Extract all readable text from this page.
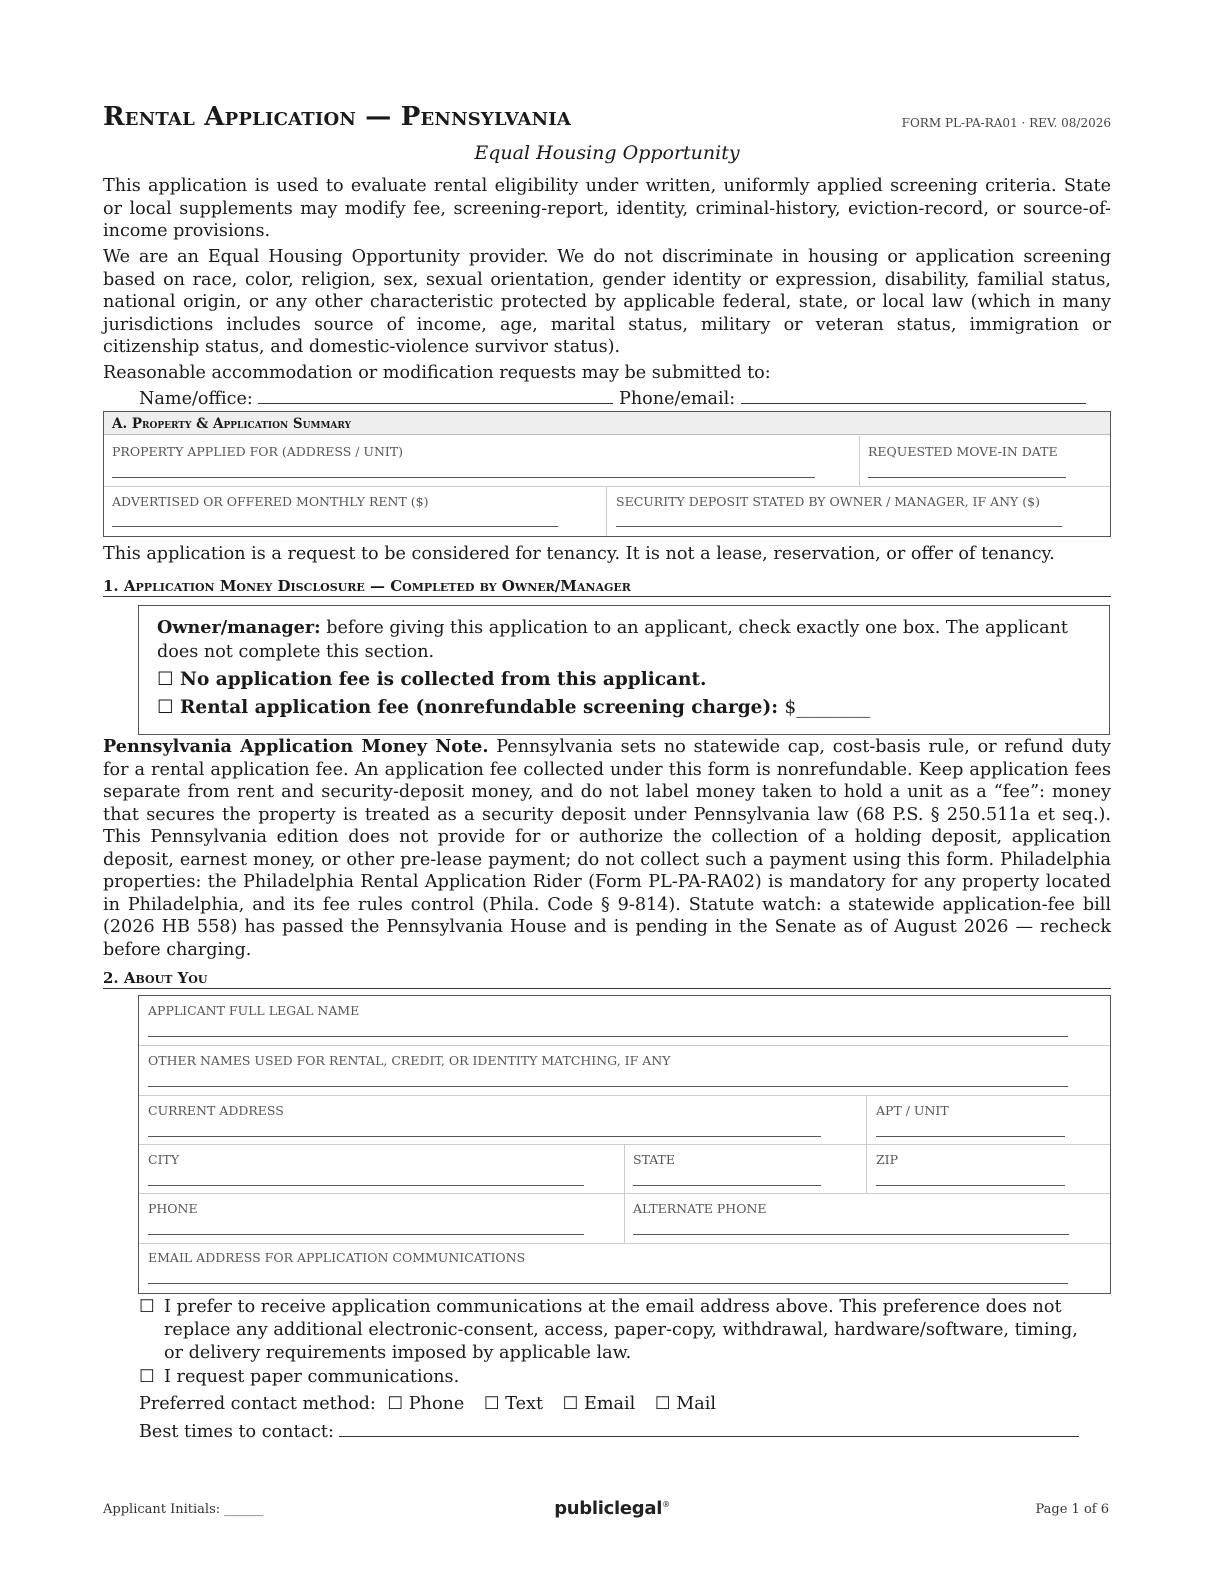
Rental Application — Pennsylvania	FORM PL-PA-RA01 · REV. 08/2026
Equal Housing Opportunity
This application is used to evaluate rental eligibility under written, uniformly applied screening criteria. State or local supplements may modify fee, screening-report, identity, criminal-history, eviction-record, or source-of-income provisions.
We are an Equal Housing Opportunity provider. We do not discriminate in housing or application screening based on race, color, religion, sex, sexual orientation, gender identity or expression, disability, familial status, national origin, or any other characteristic protected by applicable federal, state, or local law (which in many jurisdictions includes source of income, age, marital status, military or veteran status, immigration or citizenship status, and domestic-violence survivor status).
Reasonable accommodation or modification requests may be submitted to:
Name/office:	Phone/email:
A. Property & Application Summary
PROPERTY APPLIED FOR (ADDRESS / UNIT)	REQUESTED MOVE-IN DATE
ADVERTISED OR OFFERED MONTHLY RENT ($)	SECURITY DEPOSIT STATED BY OWNER / MANAGER, IF ANY ($)
This application is a request to be considered for tenancy. It is not a lease, reservation, or offer of tenancy.
1. Application Money Disclosure — Completed by Owner/Manager
Owner/manager: before giving this application to an applicant, check exactly one box. The applicant does not complete this section.
☐ No application fee is collected from this applicant.
☐ Rental application fee (nonrefundable screening charge): $________
Pennsylvania Application Money Note. Pennsylvania sets no statewide cap, cost-basis rule, or refund duty for a rental application fee. An application fee collected under this form is nonrefundable. Keep application fees separate from rent and security-deposit money, and do not label money taken to hold a unit as a “fee”: money that secures the property is treated as a security deposit under Pennsylvania law (68 P.S. § 250.511a et seq.). This Pennsylvania edition does not provide for or authorize the collection of a holding deposit, application deposit, earnest money, or other pre-lease payment; do not collect such a payment using this form. Philadelphia properties: the Philadelphia Rental Application Rider (Form PL-PA-RA02) is mandatory for any property located in Philadelphia, and its fee rules control (Phila. Code § 9-814). Statute watch: a statewide application-fee bill (2026 HB 558) has passed the Pennsylvania House and is pending in the Senate as of August 2026 — recheck before charging.
2. About You
APPLICANT FULL LEGAL NAME
OTHER NAMES USED FOR RENTAL, CREDIT, OR IDENTITY MATCHING, IF ANY
CURRENT ADDRESS	APT / UNIT
CITY	STATE	ZIP
PHONE	ALTERNATE PHONE
EMAIL ADDRESS FOR APPLICATION COMMUNICATIONS
☐ I prefer to receive application communications at the email address above. This preference does not replace any additional electronic-consent, access, paper-copy, withdrawal, hardware/software, timing, or delivery requirements imposed by applicable law.
☐ I request paper communications.
Preferred contact method: ☐ Phone ☐ Text ☐ Email ☐ Mail
Best times to contact:
Applicant Initials: ______	publiclegal®	Page 1 of 6
